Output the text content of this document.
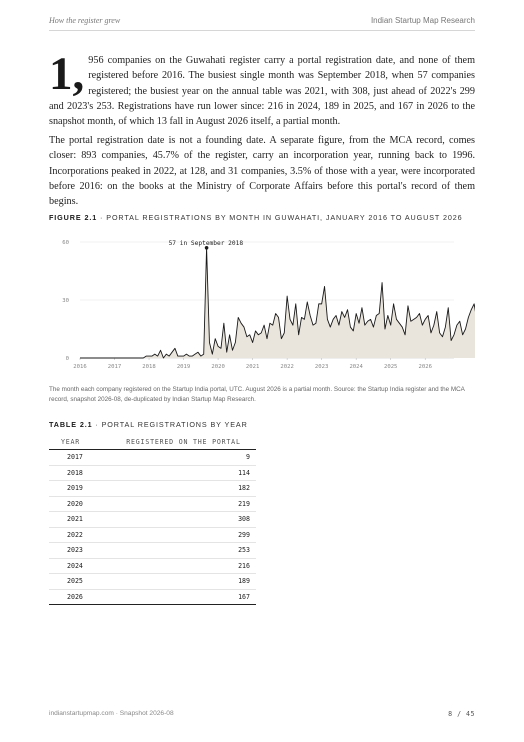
How the register grew	Indian Startup Map Research
1, 956 companies on the Guwahati register carry a portal registration date, and none of them registered before 2016. The busiest single month was September 2018, when 57 companies registered; the busiest year on the annual table was 2021, with 308, just ahead of 2022's 299 and 2023's 253. Registrations have run lower since: 216 in 2024, 189 in 2025, and 167 in 2026 to the snapshot month, of which 13 fall in August 2026 itself, a partial month.
The portal registration date is not a founding date. A separate figure, from the MCA record, comes closer: 893 companies, 45.7% of the register, carry an incorporation year, running back to 1996. Incorporations peaked in 2022, at 128, and 31 companies, 3.5% of those with a year, were incorporated before 2016: on the books at the Ministry of Corporate Affairs before this portal's record of them begins.
FIGURE 2.1 · PORTAL REGISTRATIONS BY MONTH IN GUWAHATI, JANUARY 2016 TO AUGUST 2026
0
30
60
2016	2017	2018	2019	2020	2021	2022	2023	2024	2025	2026
57 in September 2018
The month each company registered on the Startup India portal, UTC. August 2026 is a partial month. Source: the Startup India register and the MCA record, snapshot 2026-08, de-duplicated by Indian Startup Map Research.
TABLE 2.1 · PORTAL REGISTRATIONS BY YEAR
YEAR	REGISTERED ON THE PORTAL
2017	9
2018	114
2019	182
2020	219
2021	308
2022	299
2023	253
2024	216
2025	189
2026	167
indianstartupmap.com · Snapshot 2026-08	8 / 45
